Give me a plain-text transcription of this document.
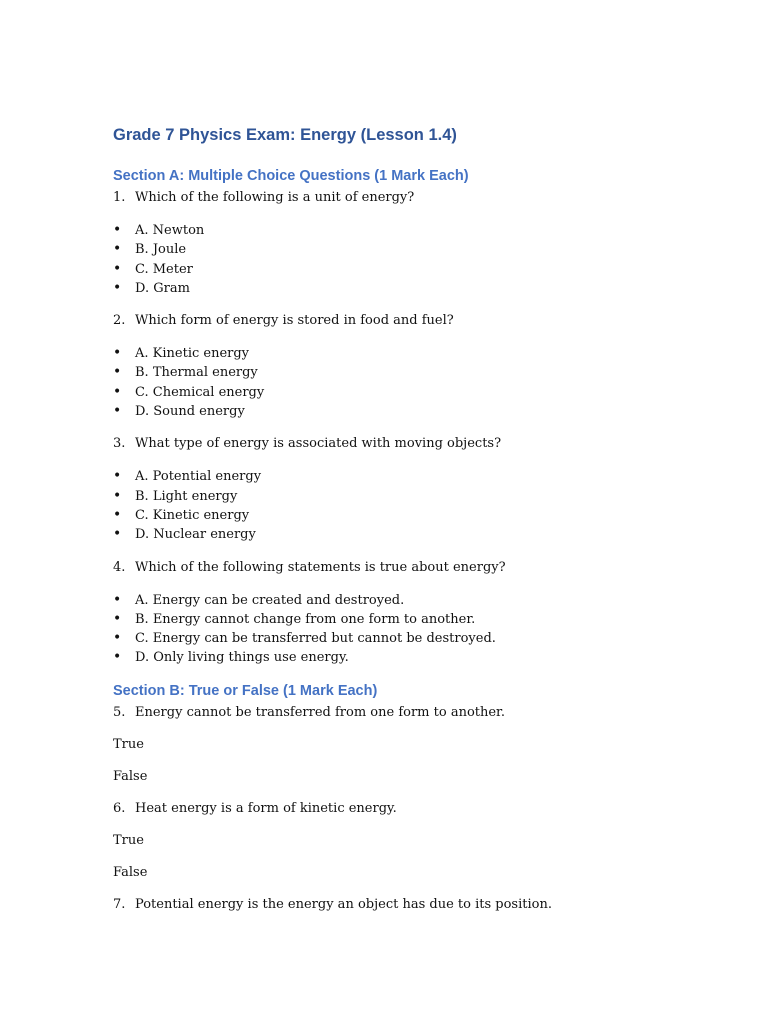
Grade 7 Physics Exam: Energy (Lesson 1.4)
Section A: Multiple Choice Questions (1 Mark Each)
1. Which of the following is a unit of energy?
•	A. Newton
•	B. Joule
•	C. Meter
•	D. Gram
2. Which form of energy is stored in food and fuel?
•	A. Kinetic energy
•	B. Thermal energy
•	C. Chemical energy
•	D. Sound energy
3. What type of energy is associated with moving objects?
•	A. Potential energy
•	B. Light energy
•	C. Kinetic energy
•	D. Nuclear energy
4. Which of the following statements is true about energy?
•	A. Energy can be created and destroyed.
•	B. Energy cannot change from one form to another.
•	C. Energy can be transferred but cannot be destroyed.
•	D. Only living things use energy.
Section B: True or False (1 Mark Each)
5. Energy cannot be transferred from one form to another.
True
False
6. Heat energy is a form of kinetic energy.
True
False
7. Potential energy is the energy an object has due to its position.
